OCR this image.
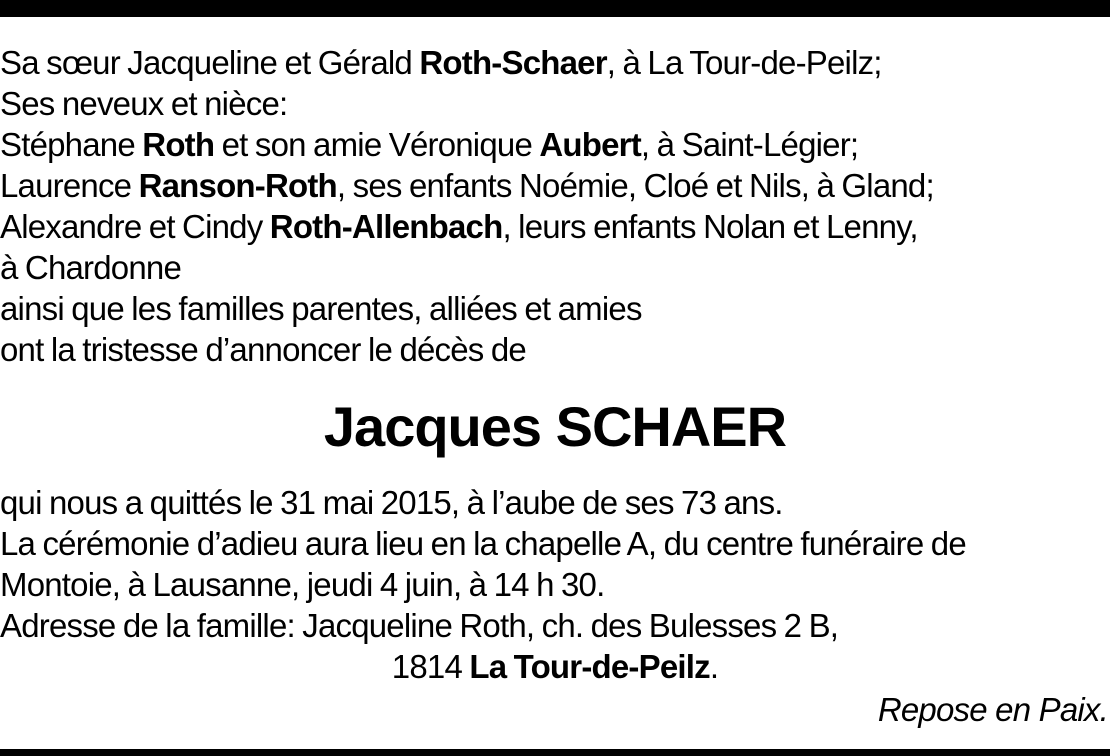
Sa sœur Jacqueline et Gérald Roth-Schaer, à La Tour-de-Peilz;
Ses neveux et nièce:
Stéphane Roth et son amie Véronique Aubert, à Saint-Légier;
Laurence Ranson-Roth, ses enfants Noémie, Cloé et Nils, à Gland;
Alexandre et Cindy Roth-Allenbach, leurs enfants Nolan et Lenny,
à Chardonne
ainsi que les familles parentes, alliées et amies
ont la tristesse d’annoncer le décès de
Jacques SCHAER
qui nous a quittés le 31 mai 2015, à l’aube de ses 73 ans.
La cérémonie d’adieu aura lieu en la chapelle A, du centre funéraire de
Montoie, à Lausanne, jeudi 4 juin, à 14 h 30.
Adresse de la famille: Jacqueline Roth, ch. des Bulesses 2 B,
1814 La Tour-de-Peilz.
Repose en Paix.
